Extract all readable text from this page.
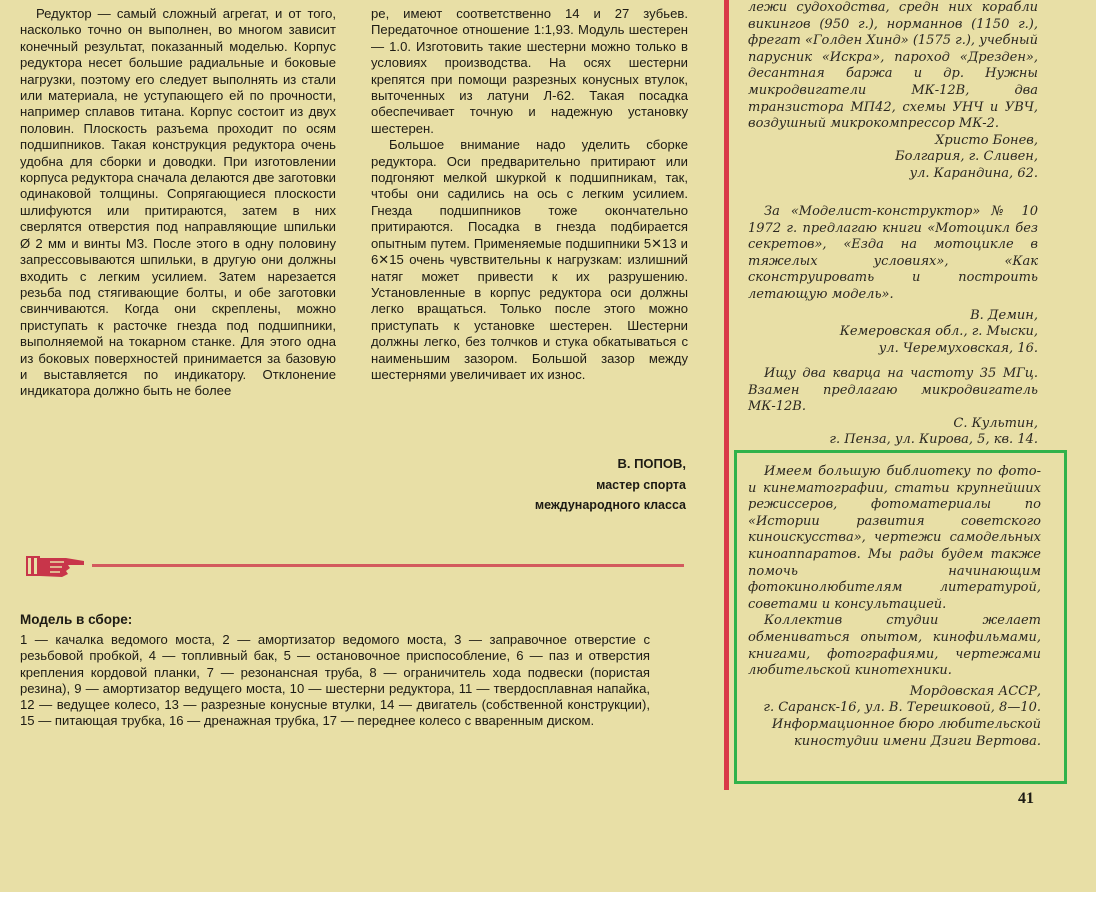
Редуктор — самый сложный агрегат, и от того, насколько точно он выполнен, во многом зависит конечный результат, показанный моделью. Корпус редуктора несет большие радиальные и боковые нагрузки, поэтому его следует выполнять из стали или материала, не уступающего ей по прочности, например сплавов титана. Корпус состоит из двух половин. Плоскость разъема проходит по осям подшипников. Такая конструкция редуктора очень удобна для сборки и доводки. При изготовлении корпуса редуктора сначала делаются две заготовки одинаковой толщины. Сопрягающиеся плоскости шлифуются или притираются, затем в них сверлятся отверстия под направляющие шпильки Ø 2 мм и винты М3. После этого в одну половину запрессовываются шпильки, в другую они должны входить с легким усилием. Затем нарезается резьба под стягивающие болты, и обе заготовки свинчиваются. Когда они скреплены, можно приступать к расточке гнезда под подшипники, выполняемой на токарном станке. Для этого одна из боковых поверхностей принимается за базовую и выставляется по индикатору. Отклонение индикатора должно быть не более

ре, имеют соответственно 14 и 27 зубьев. Передаточное отношение 1:1,93. Модуль шестерен — 1.0. Изготовить такие шестерни можно только в условиях производства. На осях шестерни крепятся при помощи разрезных конусных втулок, выточенных из латуни Л-62. Такая посадка обеспечивает точную и надежную установку шестерен.

Большое внимание надо уделить сборке редуктора. Оси предварительно притирают или подгоняют мелкой шкуркой к подшипникам, так, чтобы они садились на ось с легким усилием. Гнезда подшипников тоже окончательно притираются. Посадка в гнезда подбирается опытным путем. Применяемые подшипники 5✕13 и 6✕15 очень чувствительны к нагрузкам: излишний натяг может привести к их разрушению. Установленные в корпус редуктора оси должны легко вращаться. Только после этого можно приступать к установке шестерен. Шестерни должны легко, без толчков и стука обкатываться с наименьшим зазором. Большой зазор между шестернями увеличивает их износ.

В. ПОПОВ,
мастер спорта
международного класса

лежи судоходства, средн них корабли викингов (950 г.), норманнов (1150 г.), фрегат «Голден Хинд» (1575 г.), учебный парусник «Искра», пароход «Дрезден», десантная баржа и др. Нужны микродвигатели МК-12В, два транзистора МП42, схемы УНЧ и УВЧ, воздушный микрокомпрессор МК-2.

Христо Бонев,

Болгария, г. Сливен,

ул. Карандина, 62.

За «Моделист-конструктор» № 10 1972 г. предлагаю книги «Мотоцикл без секретов», «Езда на мотоцикле в тяжелых условиях», «Как сконструировать и построить летающую модель».

В. Демин,

Кемеровская обл., г. Мыски,

ул. Черемуховская, 16.

Ищу два кварца на частоту 35 МГц. Взамен предлагаю микродвигатель МК-12В.

С. Культин,

г. Пенза, ул. Кирова, 5, кв. 14.

Имеем большую библиотеку по фото- и кинематографии, статьи крупнейших режиссеров, фотоматериалы по «Истории развития советского киноискусства», чертежи самодельных киноаппаратов. Мы рады будем также помочь начинающим фотокинолюбителям литературой, советами и консультацией.

Коллектив студии желает обмениваться опытом, кинофильмами, книгами, фотографиями, чертежами любительской кинотехники.

Мордовская АССР,

г. Саранск-16, ул. В. Терешковой, 8—10. Информационное бюро любительской киностудии имени Дзиги Вертова.

Модель в сборе:

1 — качалка ведомого моста, 2 — амортизатор ведомого моста, 3 — заправочное отверстие с резьбовой пробкой, 4 — топливный бак, 5 — остановочное приспособление, 6 — паз и отверстия крепления кордовой планки, 7 — резонансная труба, 8 — ограничитель хода подвески (пористая резина), 9 — амортизатор ведущего моста, 10 — шестерни редуктора, 11 — твердосплавная напайка, 12 — ведущее колесо, 13 — разрезные конусные втулки, 14 — двигатель (собственной конструкции), 15 — питающая трубка, 16 — дренажная трубка, 17 — переднее колесо с вваренным диском.

41
